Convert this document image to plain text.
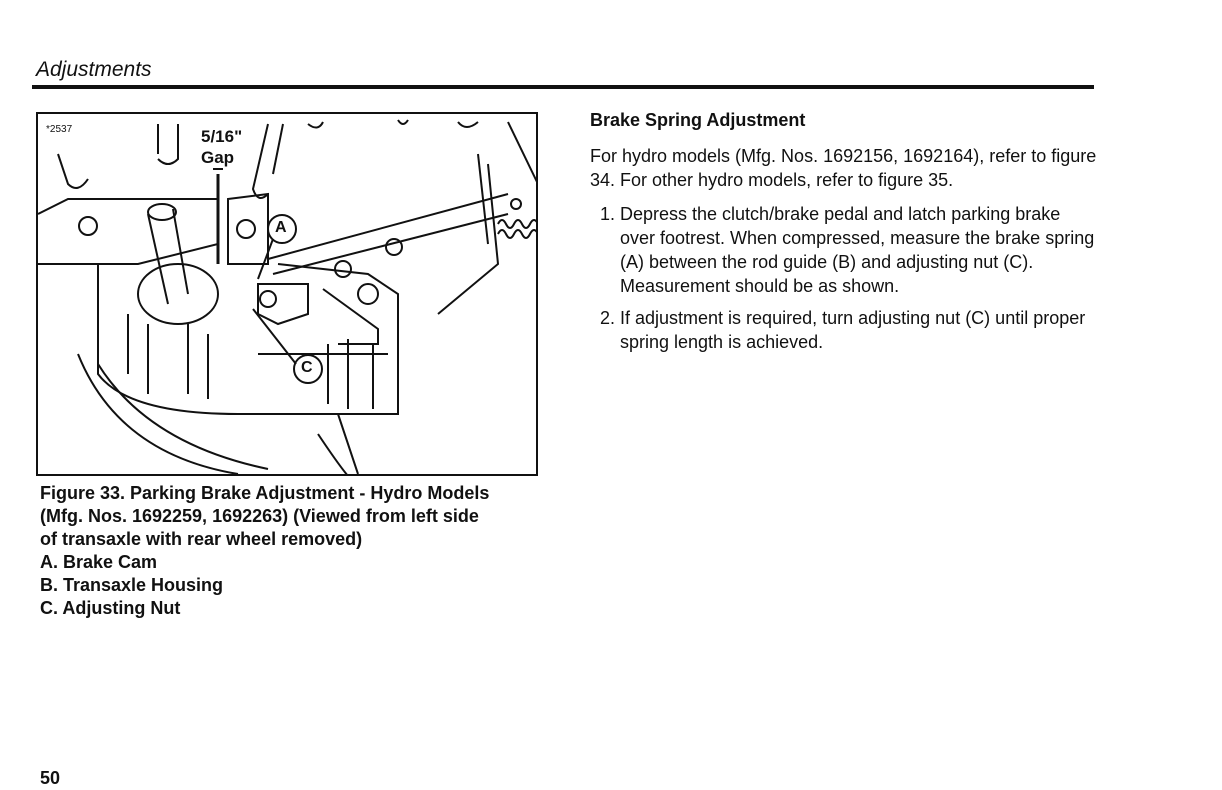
Adjustments
*2537	5/16"
Gap
A
C
Figure 33. Parking Brake Adjustment - Hydro Models
(Mfg. Nos. 1692259, 1692263) (Viewed from left side
of transaxle with rear wheel removed)
A. Brake Cam
B. Transaxle Housing
C. Adjusting Nut
Brake Spring Adjustment
For hydro models (Mfg. Nos. 1692156, 1692164), refer to figure 34. For other hydro models, refer to figure 35.
1. Depress the clutch/brake pedal and latch parking brake over footrest. When compressed, measure the brake spring (A) between the rod guide (B) and adjusting nut (C). Measurement should be as shown.
2. If adjustment is required, turn adjusting nut (C) until proper spring length is achieved.
50
